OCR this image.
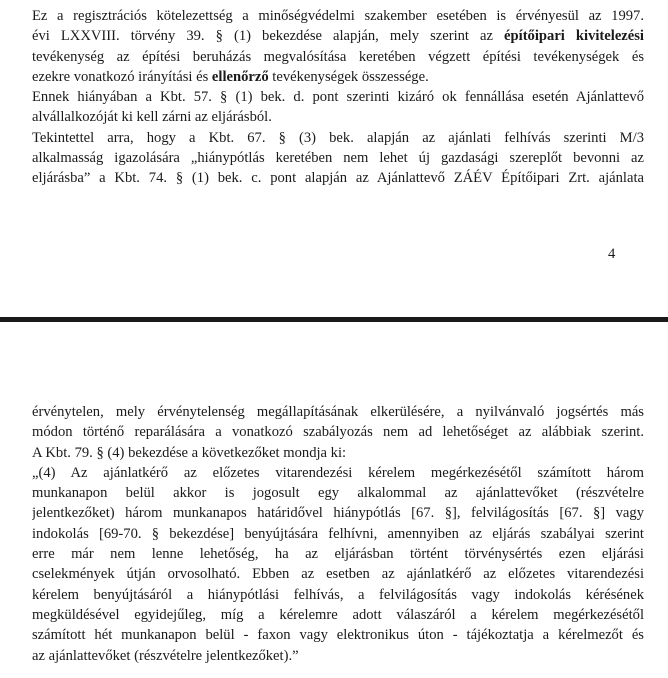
Ez a regisztrációs kötelezettség a minőségvédelmi szakember esetében is érvényesül az 1997.
évi LXXVIII. törvény 39. § (1) bekezdése alapján, mely szerint az építőipari kivitelezési
tevékenység az építési beruházás megvalósítása keretében végzett építési tevékenységek és
ezekre vonatkozó irányítási és ellenőrző tevékenységek összessége.
Ennek hiányában a Kbt. 57. § (1) bek. d. pont szerinti kizáró ok fennállása esetén Ajánlattevő
alvállalkozóját ki kell zárni az eljárásból.
Tekintettel arra, hogy a Kbt. 67. § (3) bek. alapján az ajánlati felhívás szerinti M/3
alkalmasság igazolására „hiánypótlás keretében nem lehet új gazdasági szereplőt bevonni az
eljárásba” a Kbt. 74. § (1) bek. c. pont alapján az Ajánlattevő ZÁÉV Építőipari Zrt. ajánlata
4
érvénytelen, mely érvénytelenség megállapításának elkerülésére, a nyilvánvaló jogsértés más
módon történő reparálására a vonatkozó szabályozás nem ad lehetőséget az alábbiak szerint.
A Kbt. 79. § (4) bekezdése a következőket mondja ki:
„(4) Az ajánlatkérő az előzetes vitarendezési kérelem megérkezésétől számított három
munkanapon belül akkor is jogosult egy alkalommal az ajánlattevőket (részvételre
jelentkezőket) három munkanapos határidővel hiánypótlás [67. §], felvilágosítás [67. §] vagy
indokolás [69-70. § bekezdése] benyújtására felhívni, amennyiben az eljárás szabályai szerint
erre már nem lenne lehetőség, ha az eljárásban történt törvénysértés ezen eljárási
cselekmények útján orvosolható. Ebben az esetben az ajánlatkérő az előzetes vitarendezési
kérelem benyújtásáról a hiánypótlási felhívás, a felvilágosítás vagy indokolás kérésének
megküldésével egyidejűleg, míg a kérelemre adott válaszáról a kérelem megérkezésétől
számított hét munkanapon belül - faxon vagy elektronikus úton - tájékoztatja a kérelmezőt és
az ajánlattevőket (részvételre jelentkezőket).”
